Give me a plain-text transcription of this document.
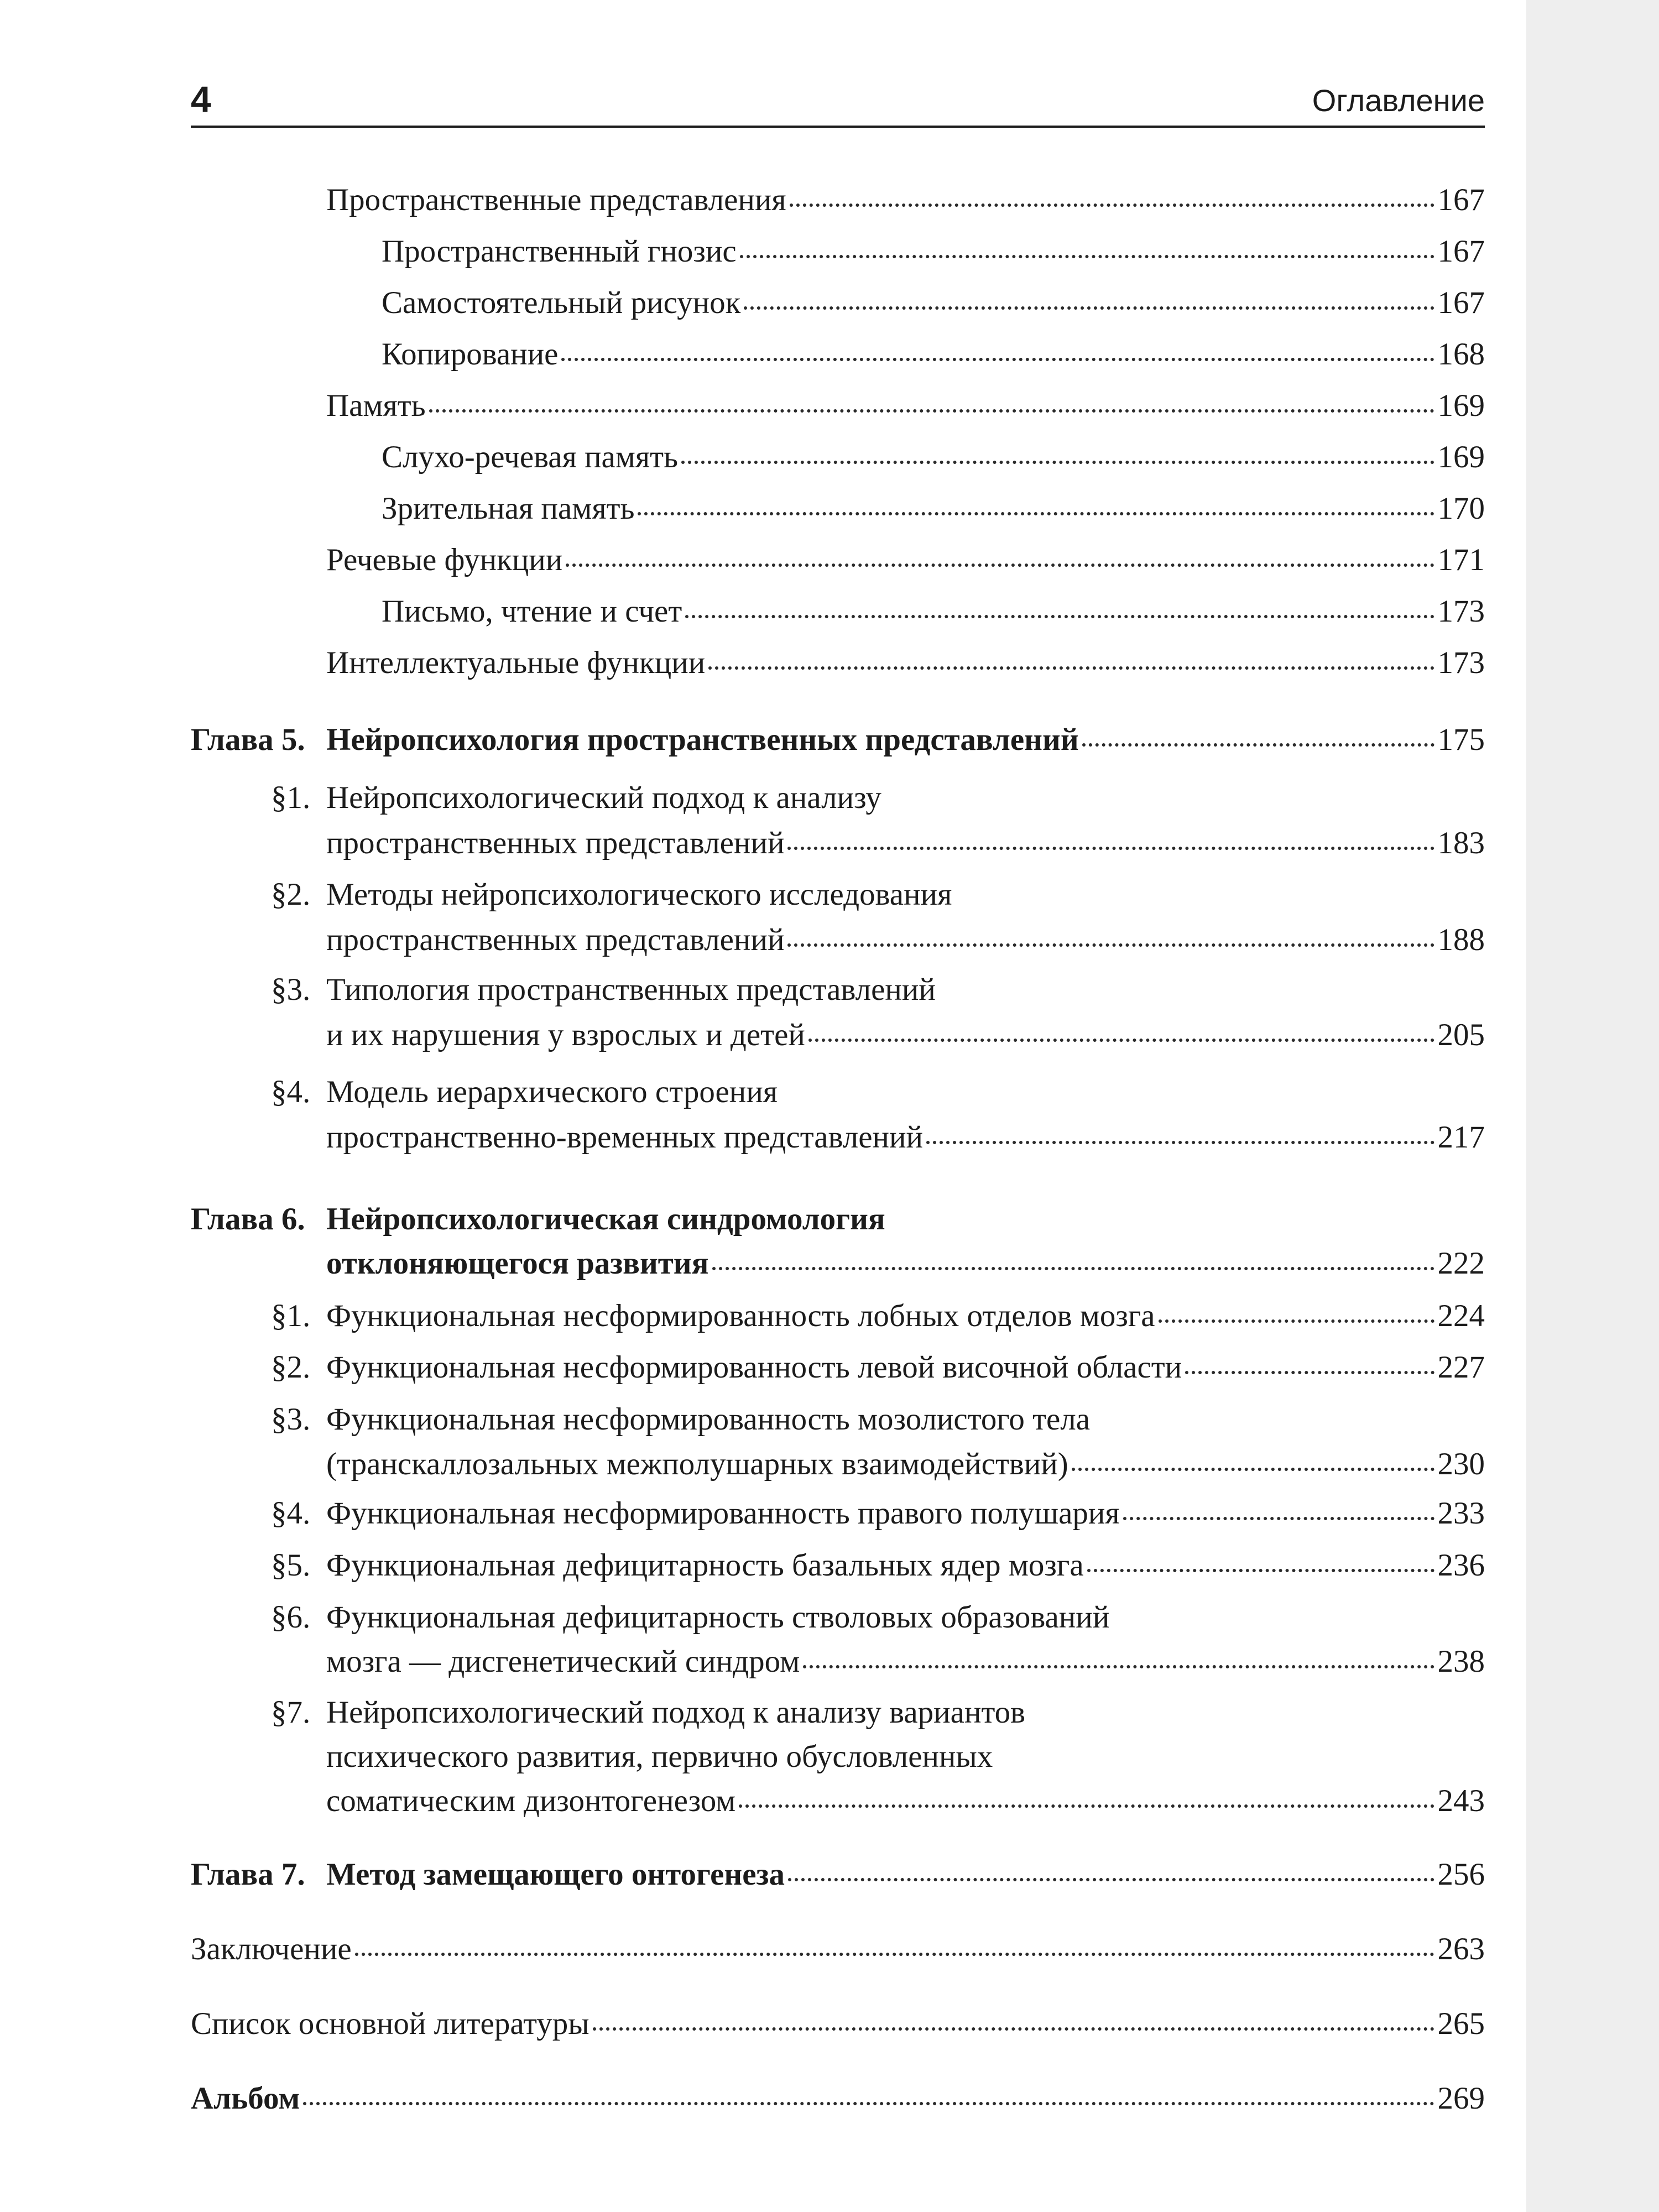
4	Оглавление
Пространственные представления	167
Пространственный гнозис	167
Самостоятельный рисунок	167
Копирование	168
Память	169
Слухо-речевая память	169
Зрительная память	170
Речевые функции	171
Письмо, чтение и счет	173
Интеллектуальные функции	173
Глава 5. Нейропсихология пространственных представлений	175
§1. Нейропсихологический подход к анализу
пространственных представлений	183
§2. Методы нейропсихологического исследования
пространственных представлений	188
§3. Типология пространственных представлений
и их нарушения у взрослых и детей	205
§4. Модель иерархического строения
пространственно-временных представлений	217
Глава 6. Нейропсихологическая синдромология
отклоняющегося развития	222
§1. Функциональная несформированность лобных отделов мозга	224
§2. Функциональная несформированность левой височной области	227
§3. Функциональная несформированность мозолистого тела
(транскаллозальных межполушарных взаимодействий)	230
§4. Функциональная несформированность правого полушария	233
§5. Функциональная дефицитарность базальных ядер мозга	236
§6. Функциональная дефицитарность стволовых образований
мозга — дисгенетический синдром	238
§7. Нейропсихологический подход к анализу вариантов
психического развития, первично обусловленных
соматическим дизонтогенезом	243
Глава 7. Метод замещающего онтогенеза	256
Заключение	263
Список основной литературы	265
Альбом	269
